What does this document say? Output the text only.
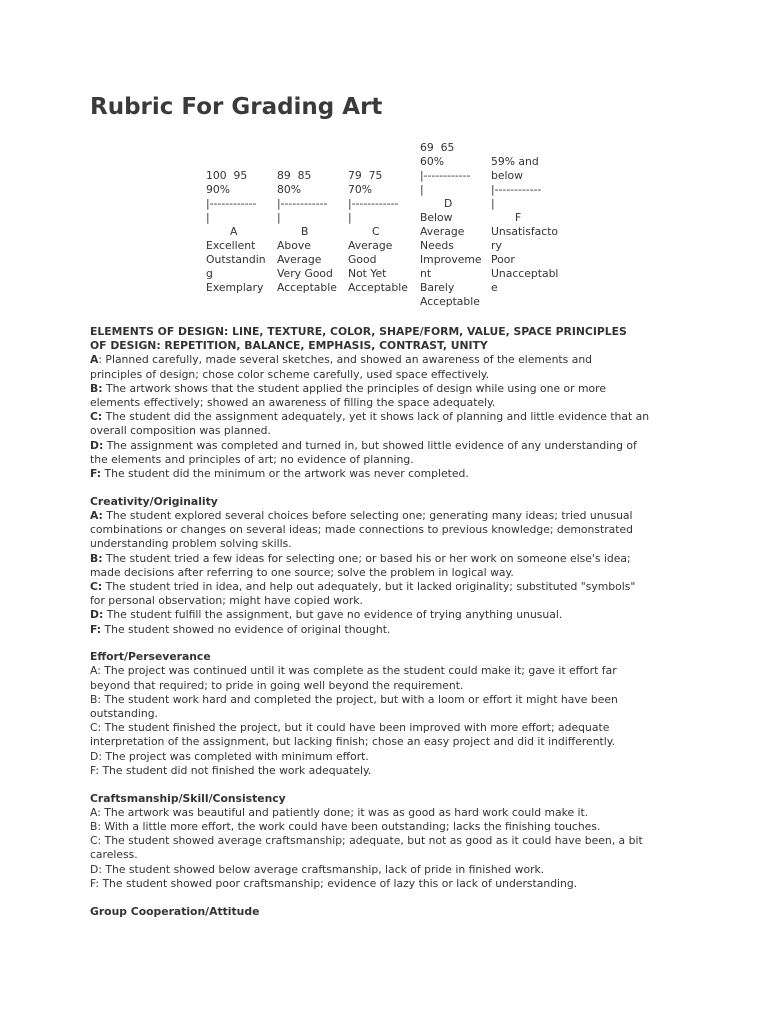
Rubric For Grading Art
100  95
90%
|------------
|
A
Excellent
Outstandin
g
Exemplary
89  85
80%
|------------
|
B
Above
Average
Very Good
Acceptable
79  75
70%
|------------
|
C
Average
Good
Not Yet
Acceptable
69  65
60%
|------------
|
D
Below
Average
Needs
Improveme
nt
Barely
Acceptable
59% and
below
|------------
|
F
Unsatisfacto
ry
Poor
Unacceptabl
e
ELEMENTS OF DESIGN: LINE, TEXTURE, COLOR, SHAPE/FORM, VALUE, SPACE PRINCIPLES
OF DESIGN: REPETITION, BALANCE, EMPHASIS, CONTRAST, UNITY
A: Planned carefully, made several sketches, and showed an awareness of the elements and
principles of design; chose color scheme carefully, used space effectively.
B: The artwork shows that the student applied the principles of design while using one or more
elements effectively; showed an awareness of filling the space adequately.
C: The student did the assignment adequately, yet it shows lack of planning and little evidence that an
overall composition was planned.
D: The assignment was completed and turned in, but showed little evidence of any understanding of
the elements and principles of art; no evidence of planning.
F: The student did the minimum or the artwork was never completed.
Creativity/Originality
A: The student explored several choices before selecting one; generating many ideas; tried unusual
combinations or changes on several ideas; made connections to previous knowledge; demonstrated
understanding problem solving skills.
B: The student tried a few ideas for selecting one; or based his or her work on someone else's idea;
made decisions after referring to one source; solve the problem in logical way.
C: The student tried in idea, and help out adequately, but it lacked originality; substituted "symbols"
for personal observation; might have copied work.
D: The student fulfill the assignment, but gave no evidence of trying anything unusual.
F: The student showed no evidence of original thought.
Effort/Perseverance
A: The project was continued until it was complete as the student could make it; gave it effort far
beyond that required; to pride in going well beyond the requirement.
B: The student work hard and completed the project, but with a loom or effort it might have been
outstanding.
C: The student finished the project, but it could have been improved with more effort; adequate
interpretation of the assignment, but lacking finish; chose an easy project and did it indifferently.
D: The project was completed with minimum effort.
F: The student did not finished the work adequately.
Craftsmanship/Skill/Consistency
A: The artwork was beautiful and patiently done; it was as good as hard work could make it.
B: With a little more effort, the work could have been outstanding; lacks the finishing touches.
C: The student showed average craftsmanship; adequate, but not as good as it could have been, a bit
careless.
D: The student showed below average craftsmanship, lack of pride in finished work.
F: The student showed poor craftsmanship; evidence of lazy this or lack of understanding.
Group Cooperation/Attitude
